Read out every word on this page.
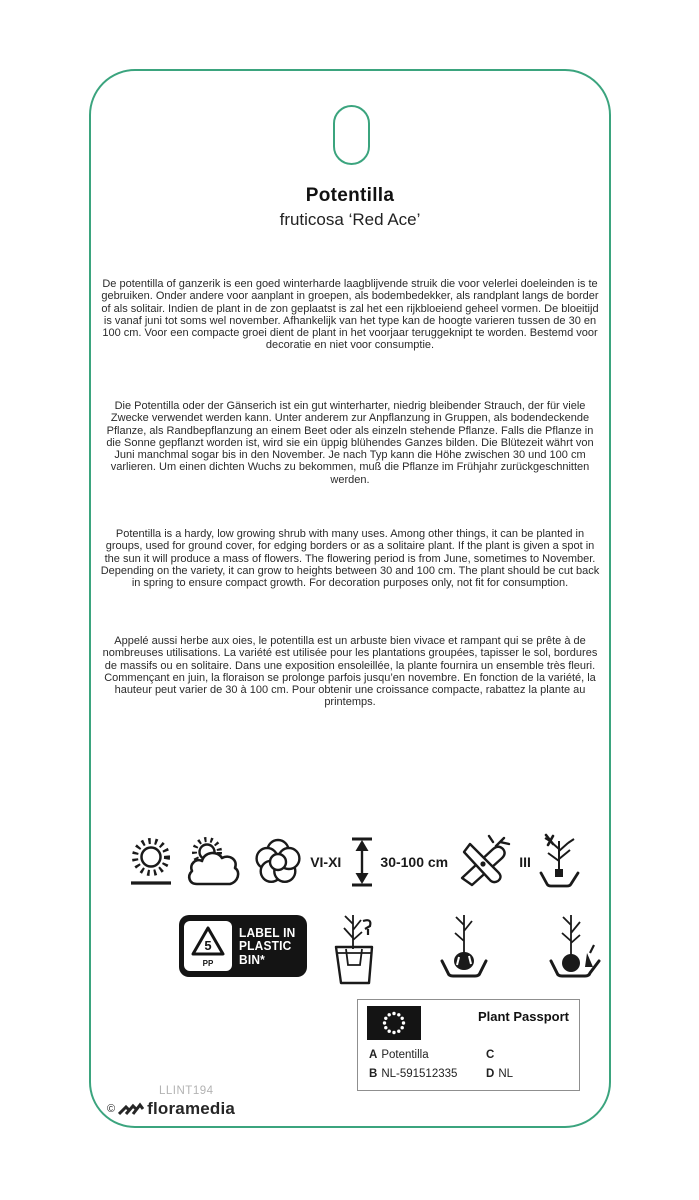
Potentilla
fruticosa ‘Red Ace’

De potentilla of ganzerik is een goed winterharde laagblijvende struik die voor velerlei doeleinden is te gebruiken. Onder andere voor aanplant in groepen, als bodembedekker, als randplant langs de border of als solitair. Indien de plant in de zon geplaatst is zal het een rijkbloeiend geheel vormen. De bloeitijd is vanaf juni tot soms wel november. Afhankelijk van het type kan de hoogte varieren tussen de 30 en 100 cm. Voor een compacte groei dient de plant in het voorjaar teruggeknipt te worden. Bestemd voor decoratie en niet voor consumptie.

Die Potentilla oder der Gänserich ist ein gut winterharter, niedrig bleibender Strauch, der für viele Zwecke verwendet werden kann. Unter anderem zur Anpflanzung in Gruppen, als bodendeckende Pflanze, als Randbepflanzung an einem Beet oder als einzeln stehende Pflanze. Falls die Pflanze in die Sonne gepflanzt worden ist, wird sie ein üppig blühendes Ganzes bilden. Die Blütezeit währt von Juni manchmal sogar bis in den November. Je nach Typ kann die Höhe zwischen 30 und 100 cm varlieren. Um einen dichten Wuchs zu bekommen, muß die Pflanze im Frühjahr zurückgeschnitten werden.

Potentilla is a hardy, low growing shrub with many uses. Among other things, it can be planted in groups, used for ground cover, for edging borders or as a solitaire plant. If the plant is given a spot in the sun it will produce a mass of flowers. The flowering period is from June, sometimes to November. Depending on the variety, it can grow to heights between 30 and 100 cm. The plant should be cut back in spring to ensure compact growth. For decoration purposes only, not fit for consumption.

Appelé aussi herbe aux oies, le potentilla est un arbuste bien vivace et rampant qui se prête à de nombreuses utilisations. La variété est utilisée pour les plantations groupées, tapisser le sol, bordures de massifs ou en solitaire. Dans une exposition ensoleillée, la plante fournira un ensemble très fleuri. Commençant en juin, la floraison se prolonge parfois jusqu’en novembre. En fonction de la variété, la hauteur peut varier de 30 à 100 cm. Pour obtenir une croissance compacte, rabattez la plante au printemps.

VI-XI	30-100 cm	III
5
PP
LABEL IN
PLASTIC
BIN*
Plant Passport
A Potentilla
B NL-591512335
C
D NL
LLINT194
© floramedia
